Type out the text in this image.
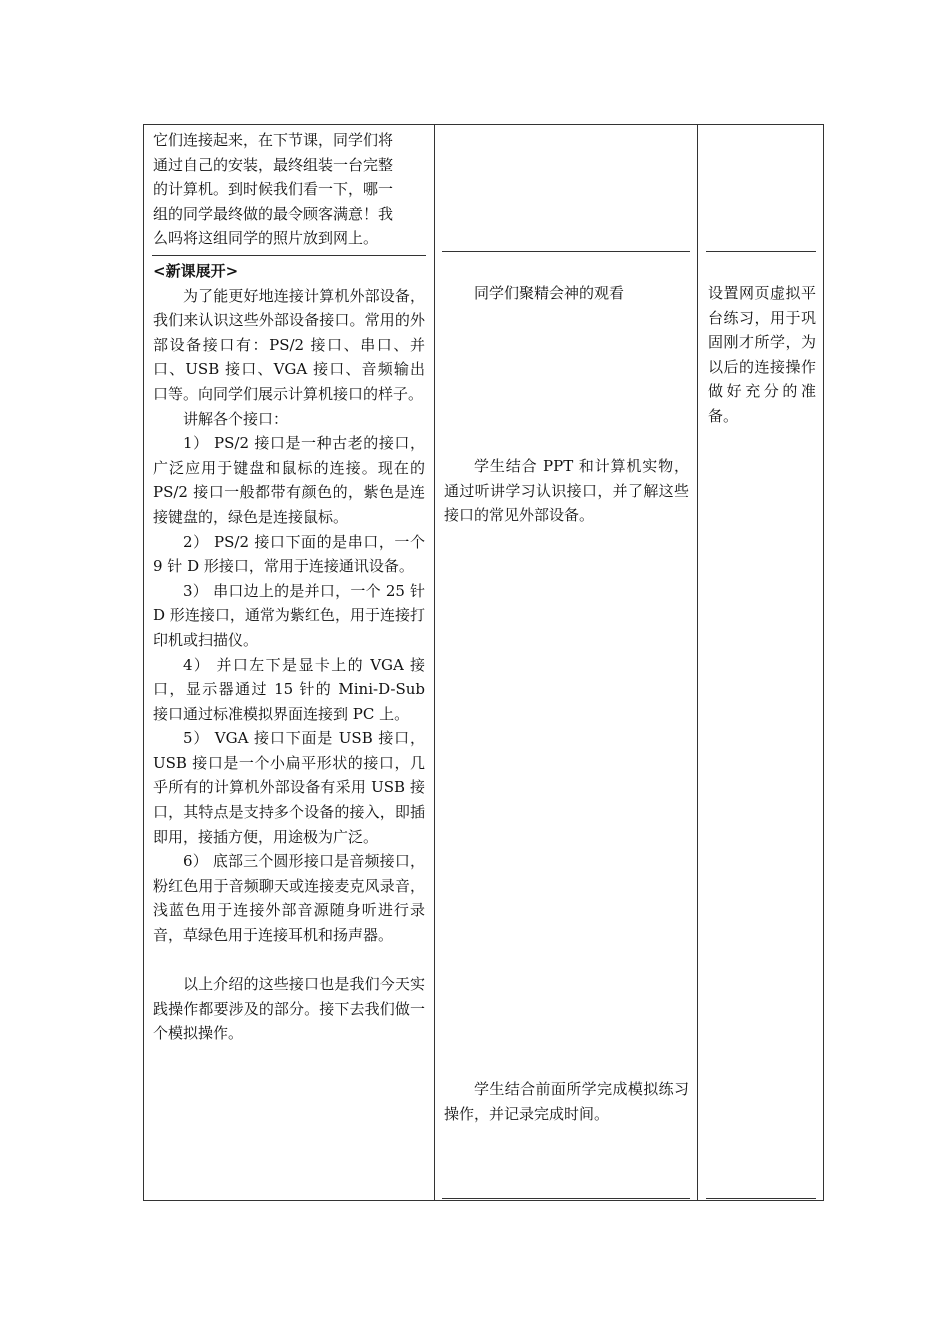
它们连接起来，在下节课，同学们将

通过自己的安装，最终组装一台完整

的计算机。到时候我们看一下，哪一

组的同学最终做的最令顾客满意！我

么吗将这组同学的照片放到网上。

<新课展开>

为了能更好地连接计算机外部设备，我们来认识这些外部设备接口。常用的外部设备接口有：PS/2 接口、串口、并口、USB 接口、VGA 接口、音频输出口等。向同学们展示计算机接口的样子。

讲解各个接口：

1） PS/2 接口是一种古老的接口，广泛应用于键盘和鼠标的连接。现在的 PS/2 接口一般都带有颜色的，紫色是连接键盘的，绿色是连接鼠标。

2） PS/2 接口下面的是串口，一个 9 针 D 形接口，常用于连接通讯设备。

3） 串口边上的是并口，一个 25 针 D 形连接口，通常为紫红色，用于连接打印机或扫描仪。

4） 并口左下是显卡上的 VGA 接口，显示器通过 15 针的 Mini-D-Sub 接口通过标准模拟界面连接到 PC 上。

5） VGA 接口下面是 USB 接口，USB 接口是一个小扁平形状的接口，几乎所有的计算机外部设备有采用 USB 接口，其特点是支持多个设备的接入，即插即用，接插方便，用途极为广泛。

6） 底部三个圆形接口是音频接口，粉红色用于音频聊天或连接麦克风录音，浅蓝色用于连接外部音源随身听进行录音，草绿色用于连接耳机和扬声器。

以上介绍的这些接口也是我们今天实践操作都要涉及的部分。接下去我们做一个模拟操作。

同学们聚精会神的观看
学生结合 PPT 和计算机实物，通过听讲学习认识接口，并了解这些接口的常见外部设备。
学生结合前面所学完成模拟练习操作，并记录完成时间。
设置网页虚拟平台练习，用于巩固刚才所学，为以后的连接操作做好充分的准备。
